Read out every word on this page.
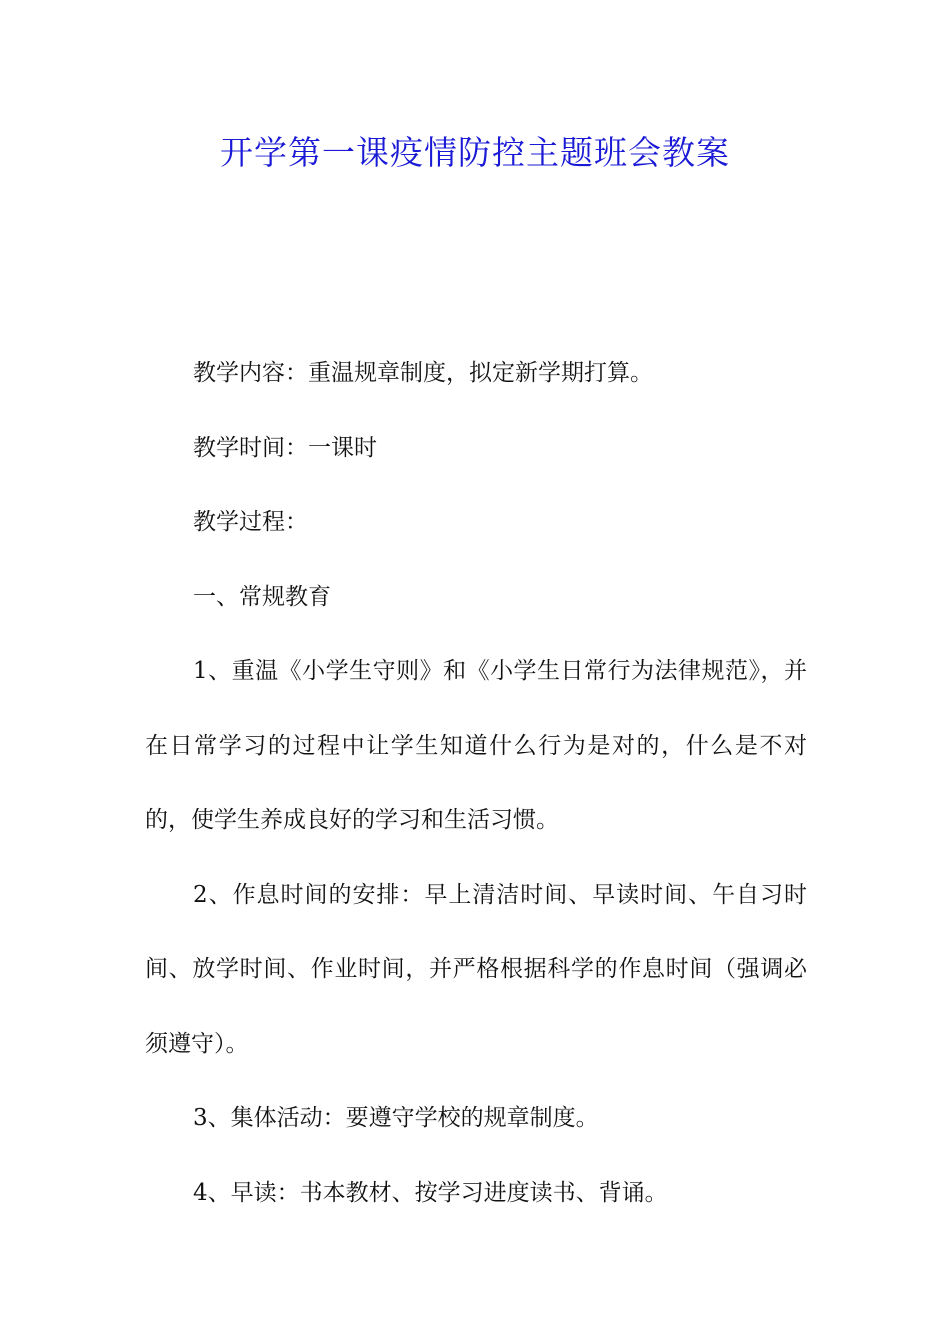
开学第一课疫情防控主题班会教案

教学内容：重温规章制度，拟定新学期打算。

教学时间：一课时

教学过程：

一、常规教育

1、重温《小学生守则》和《小学生日常行为法律规范》，并在日常学习的过程中让学生知道什么行为是对的，什么是不对的，使学生养成良好的学习和生活习惯。

2、作息时间的安排：早上清洁时间、早读时间、午自习时间、放学时间、作业时间，并严格根据科学的作息时间（强调必须遵守）。

3、集体活动：要遵守学校的规章制度。

4、早读：书本教材、按学习进度读书、背诵。
